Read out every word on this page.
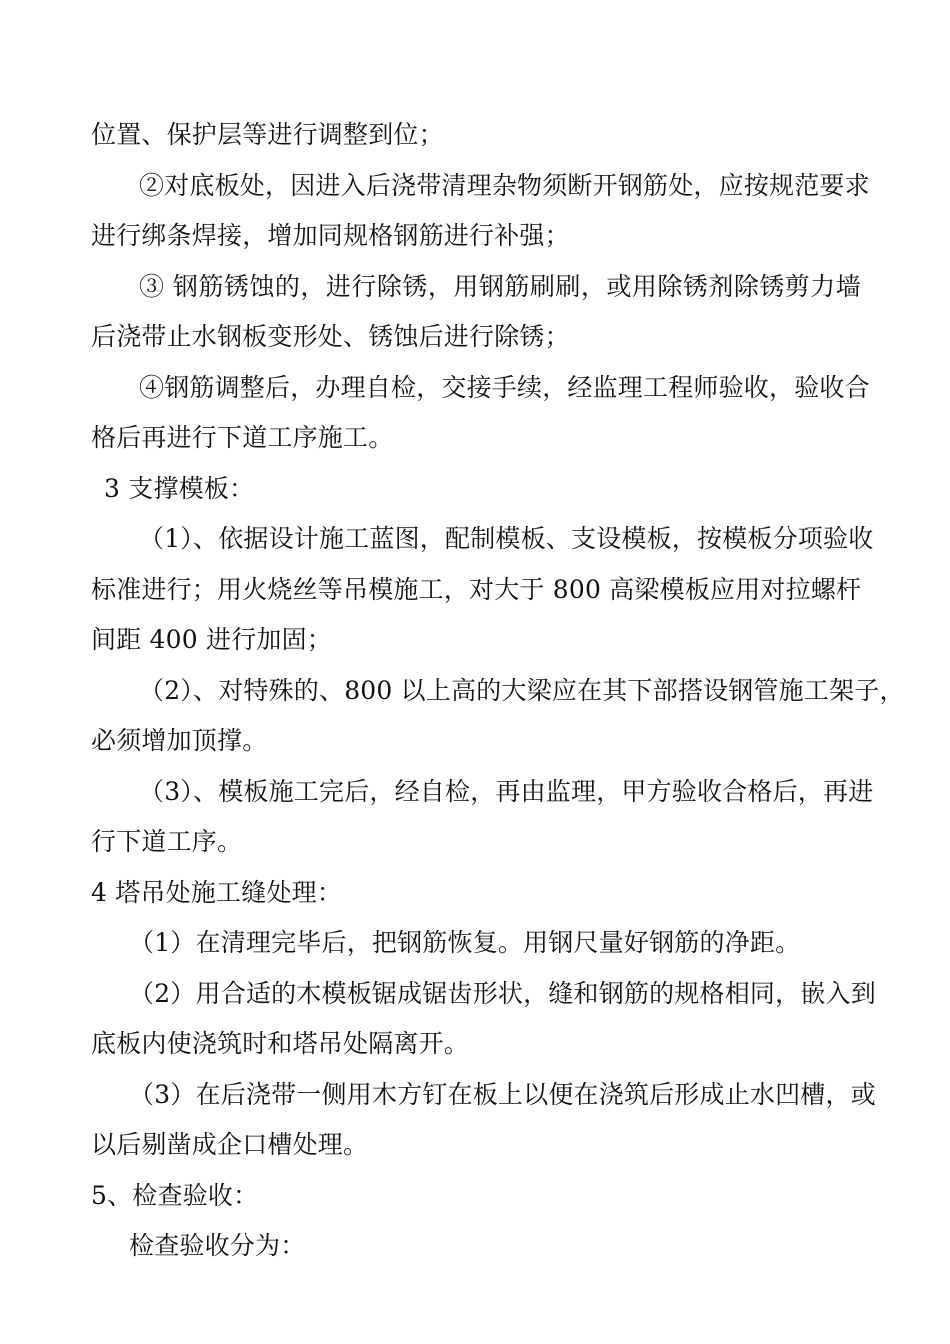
位置、保护层等进行调整到位；
②对底板处，因进入后浇带清理杂物须断开钢筋处，应按规范要求
进行绑条焊接，增加同规格钢筋进行补强；
③ 钢筋锈蚀的，进行除锈，用钢筋刷刷，或用除锈剂除锈剪力墙
后浇带止水钢板变形处、锈蚀后进行除锈；
④钢筋调整后，办理自检，交接手续，经监理工程师验收，验收合
格后再进行下道工序施工。
3 支撑模板：
（1）、依据设计施工蓝图，配制模板、支设模板，按模板分项验收
标准进行；用火烧丝等吊模施工，对大于 800 高梁模板应用对拉螺杆
间距 400 进行加固；
（2）、对特殊的、800 以上高的大梁应在其下部搭设钢管施工架子，
必须增加顶撑。
（3）、模板施工完后，经自检，再由监理，甲方验收合格后，再进
行下道工序。
4 塔吊处施工缝处理：
（1）在清理完毕后，把钢筋恢复。用钢尺量好钢筋的净距。
（2）用合适的木模板锯成锯齿形状，缝和钢筋的规格相同，嵌入到
底板内使浇筑时和塔吊处隔离开。
（3）在后浇带一侧用木方钉在板上以便在浇筑后形成止水凹槽，或
以后剔凿成企口槽处理。
5、检查验收：
检查验收分为：
